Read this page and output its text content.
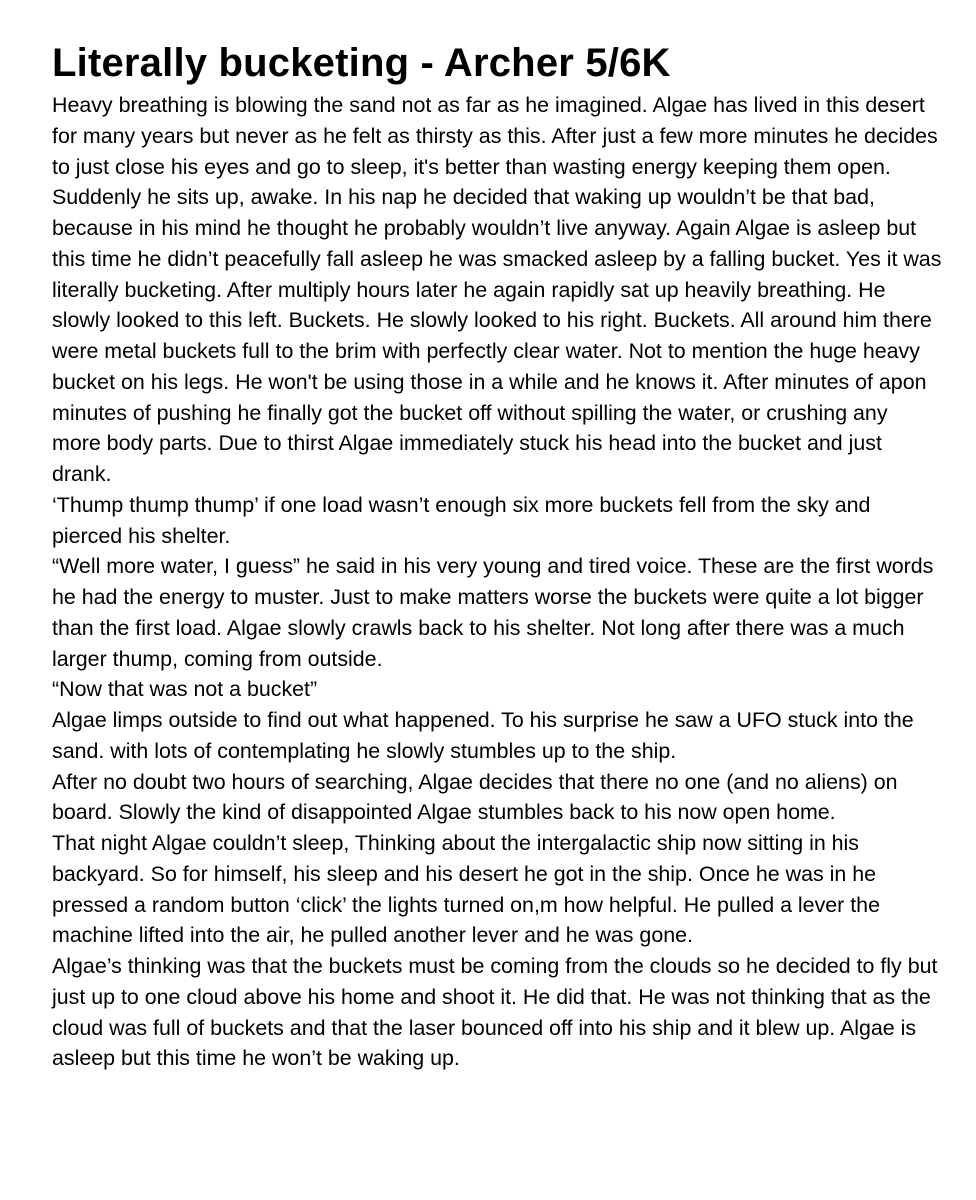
Literally bucketing - Archer 5/6K

Heavy breathing is blowing the sand not as far as he imagined. Algae has lived in this desert for many years but never as he felt as thirsty as this. After just a few more minutes he decides to just close his eyes and go to sleep, it's better than wasting energy keeping them open. Suddenly he sits up, awake. In his nap he decided that waking up wouldn’t be that bad, because in his mind he thought he probably wouldn’t live anyway. Again Algae is asleep but this time he didn’t peacefully fall asleep he was smacked asleep by a falling bucket. Yes it was literally bucketing. After multiply hours later he again rapidly sat up heavily breathing. He slowly looked to this left. Buckets. He slowly looked to his right. Buckets. All around him there were metal buckets full to the brim with perfectly clear water. Not to mention the huge heavy bucket on his legs. He won't be using those in a while and he knows it. After minutes of apon minutes of pushing he finally got the bucket off without spilling the water, or crushing any more body parts. Due to thirst Algae immediately stuck his head into the bucket and just drank.

‘Thump thump thump’ if one load wasn’t enough six more buckets fell from the sky and pierced his shelter.

“Well more water, I guess” he said in his very young and tired voice. These are the first words he had the energy to muster. Just to make matters worse the buckets were quite a lot bigger than the first load. Algae slowly crawls back to his shelter. Not long after there was a much larger thump, coming from outside.

“Now that was not a bucket”

Algae limps outside to find out what happened. To his surprise he saw a UFO stuck into the sand. with lots of contemplating he slowly stumbles up to the ship.

After no doubt two hours of searching, Algae decides that there no one (and no aliens) on board. Slowly the kind of disappointed Algae stumbles back to his now open home.

That night Algae couldn’t sleep, Thinking about the intergalactic ship now sitting in his backyard. So for himself, his sleep and his desert he got in the ship. Once he was in he pressed a random button ‘click’ the lights turned on,m how helpful. He pulled a lever the machine lifted into the air, he pulled another lever and he was gone.

Algae’s thinking was that the buckets must be coming from the clouds so he decided to fly but just up to one cloud above his home and shoot it. He did that. He was not thinking that as the cloud was full of buckets and that the laser bounced off into his ship and it blew up. Algae is asleep but this time he won’t be waking up.
